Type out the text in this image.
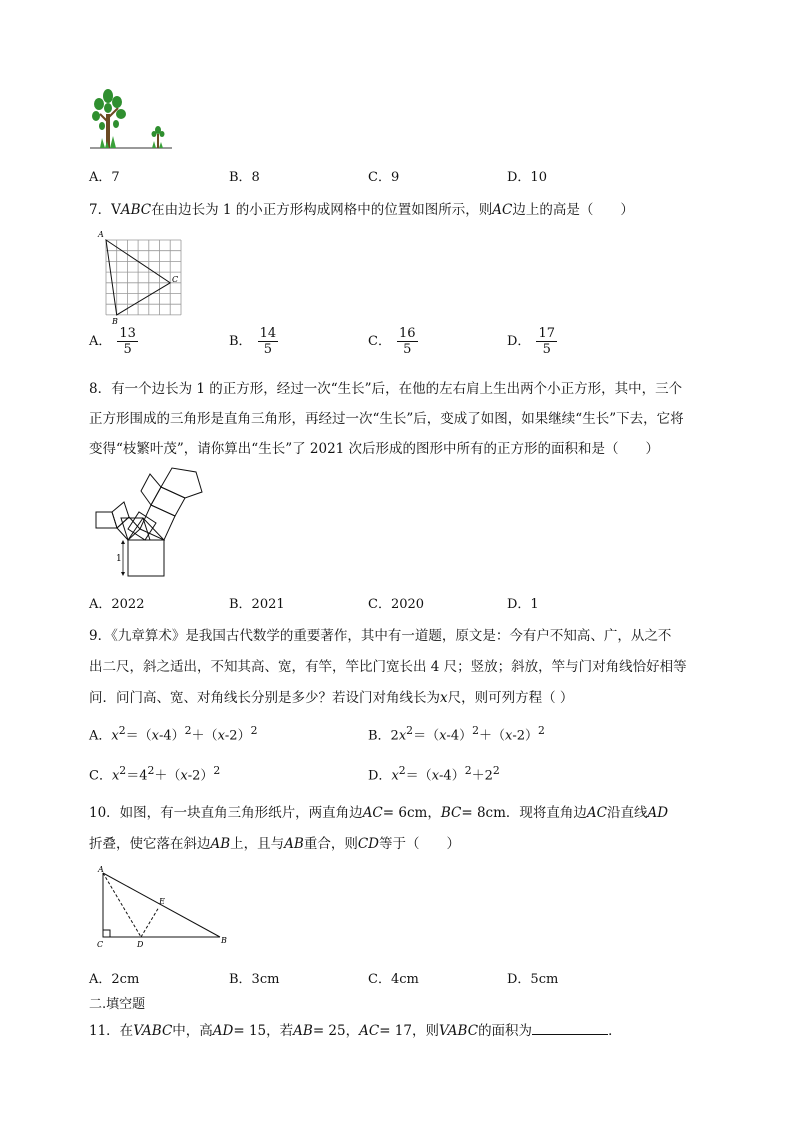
A．7	B．8	C．9	D．10
7．VABC在由边长为 1 的小正方形构成网格中的位置如图所示，则AC边上的高是（　　）
A
B
C
A． $\frac{13}{5}$	B． $\frac{14}{5}$	C． $\frac{16}{5}$	D． $\frac{17}{5}$
8．有一个边长为 1 的正方形，经过一次“生长”后，在他的左右肩上生出两个小正方形，其中，三个
正方形围成的三角形是直角三角形，再经过一次“生长”后，变成了如图，如果继续“生长”下去，它将
变得“枝繁叶茂”，请你算出“生长”了 2021 次后形成的图形中所有的正方形的面积和是（　　）
1
A．2022	B．2021	C．2020	D．1
9．《九章算术》是我国古代数学的重要著作，其中有一道题，原文是：今有户不知高、广，从之不
出二尺，斜之适出，不知其高、宽，有竿，竿比门宽长出 4 尺；竖放；斜放，竿与门对角线恰好相等
问．问门高、宽、对角线长分别是多少？若设门对角线长为x尺，则可列方程（ ）
A．$x^2=(x-4)^2+(x-2)^2$	B．$2x^2=(x-4)^2+(x-2)^2$
C．$x^2=4^2+(x-2)^2$	D．$x^2=(x-4)^2+2^2$
10．如图，有一块直角三角形纸片，两直角边AC= 6cm，BC= 8cm．现将直角边AC沿直线AD
折叠，使它落在斜边AB上，且与AB重合，则CD等于（　　）
A
E
C	D	B
A．2cm	B．3cm	C．4cm	D．5cm
二.填空题
11．在VABC中，高AD= 15，若AB= 25，AC= 17，则VABC的面积为	．
